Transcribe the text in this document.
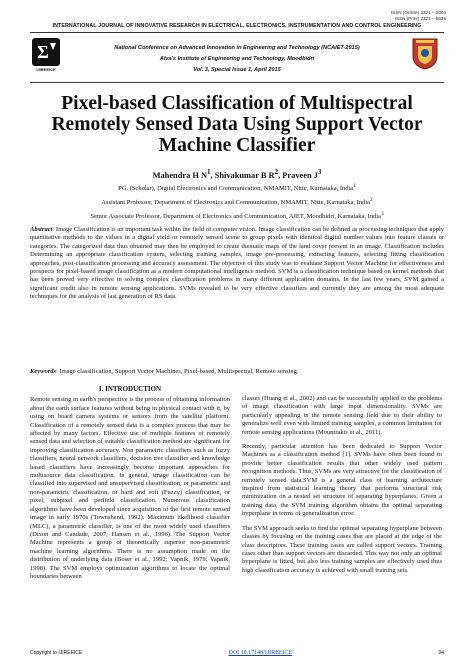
ISSN (Online) 2321 – 2004
ISSN (Print) 2321 – 5526
INTERNATIONAL JOURNAL OF INNOVATIVE RESEARCH IN ELECTRICAL, ELECTRONICS, INSTRUMENTATION AND CONTROL ENGINEERING
Σ
IJIREEICE
National Conference on Advanced Innovation in Engineering and Technology (NCAIET-2015)
Alva's Institute of Engineering and Technology, Moodbidri
Vol. 3, Special Issue 1, April 2015
Pixel-based Classification of Multispectral Remotely Sensed Data Using Support Vector Machine Classifier
Mahendra H $N^1$, Shivakumar B $R^2$, Praveen $J^3$
PG. (Scholar), Digital Electronics and Communication, NMAMIT, Nitte, Karnataka, India$^1$
Assistant Professor, Department of Electronics and Communication, NMAMIT, Nitte, Karnataka, India$^2$
Senior Associate Professor, Department of Electronics and Communication, AIET, Moodbidri, Karnataka, India$^3$
Abstract: Image Classification is an important task within the field of computer vision. Image classification can be defined as processing techniques that apply quantitative methods to the values in a digital yield or remotely sensed scene to group pixels with identical digital number values into feature classes or categories. The categorized data thus obtained may then be employed to create thematic maps of the land cover present in an image. Classification includes Determining an appropriate classification system, selecting training samples, image pre-processing, extracting features, selecting fitting classification approaches, post-classification processing and accuracy assessment. The objective of this study was to evaluate Support Vector Machine for effectiveness and prospects for pixel-based image classification as a modern computational intelligence method. SVM is a classification technique based on kernel methods that has been proved very effective in solving complex classification problems in many different application domains. In the last few years, SVM gained a significant credit also in remote sensing applications. SVMs revealed to be very effective classifiers and currently they are among the most adequate techniques for the analysis of last generation of RS data.
Keywords: Image classification, Support Vector Machines, Pixel-based, Multispectral, Remote sensing.
I. INTRODUCTION

Remote sensing in earth's perspective is the process of obtaining information about the earth surface features without being in physical contact with it, by using on board camera systems or sensors from the satellite platform. Classification of a remotely sensed data is a complex process that may be affected by many factors. Effective use of multiple features of remotely sensed data and selection of suitable classification method are significant for improving classification accuracy. Non parametric classifiers such as fuzzy classifiers, neural network classifiers, decision tree classifier and knowledge based classifiers have increasingly become important approaches for multisource data classification. In general, image classification can be classified into supervised and unsupervised classification, or parametric and non-parametric classification, or hard and soft (Fuzzy) classification, or pixel, subpixel and perfield classification. Numerous classification algorithms have been developed since acquisition of the first remote sensed image in early 1970s (Townshend, 1992). Maximum likelihood classifier (MLC), a parametric classifier, is one of the most widely used classifiers (Dixon and Candade, 2007; Hansen et al., 1996). The Support Vector Machine represents a group of theoretically superior non-parametric machine learning algorithms. There is no assumption made on the distribution of underlying data (Boser et al., 1992; Vapnik, 1979; Vapnik, 1998). The SVM employs optimization algorithms to locate the optimal boundaries between

classes (Huang et al., 2002) and can be successfully applied to the problems of image classification with large input dimensionality. SVMs are particularly appealing in the remote sensing field due to their ability to generalize well even with limited training samples, a common limitation for remote sensing applications (Mountrakis et al., 2011).

Recently, particular attention has been dedicated to Support Vector Machines as a classification method [1]. SVMs have often been found to provide better classification results that other widely used pattern recognition methods. Thus, SVMs are very attractive for the classification of remotely sensed data.SVM is a general class of learning architecture inspired from statistical learning theory that performs structural risk minimization on a nested set structure of separating hyperplanes. Given a training data, the SVM training algorithm obtains the optimal separating hyperplane in terms of generalization error.

The SVM approach seeks to find the optimal separating hyperplane between classes by focusing on the training cases that are placed at the edge of the class descriptors. These training cases are called support vectors. Training cases other than support vectors are discarded. This way not only an optimal hyperplane is fitted, but also less training samples are effectively used thus high classification accuracy is achieved with small training sets.

Copyright to IJIREEICE	DOI 10.17148/IJIREEICE	94
